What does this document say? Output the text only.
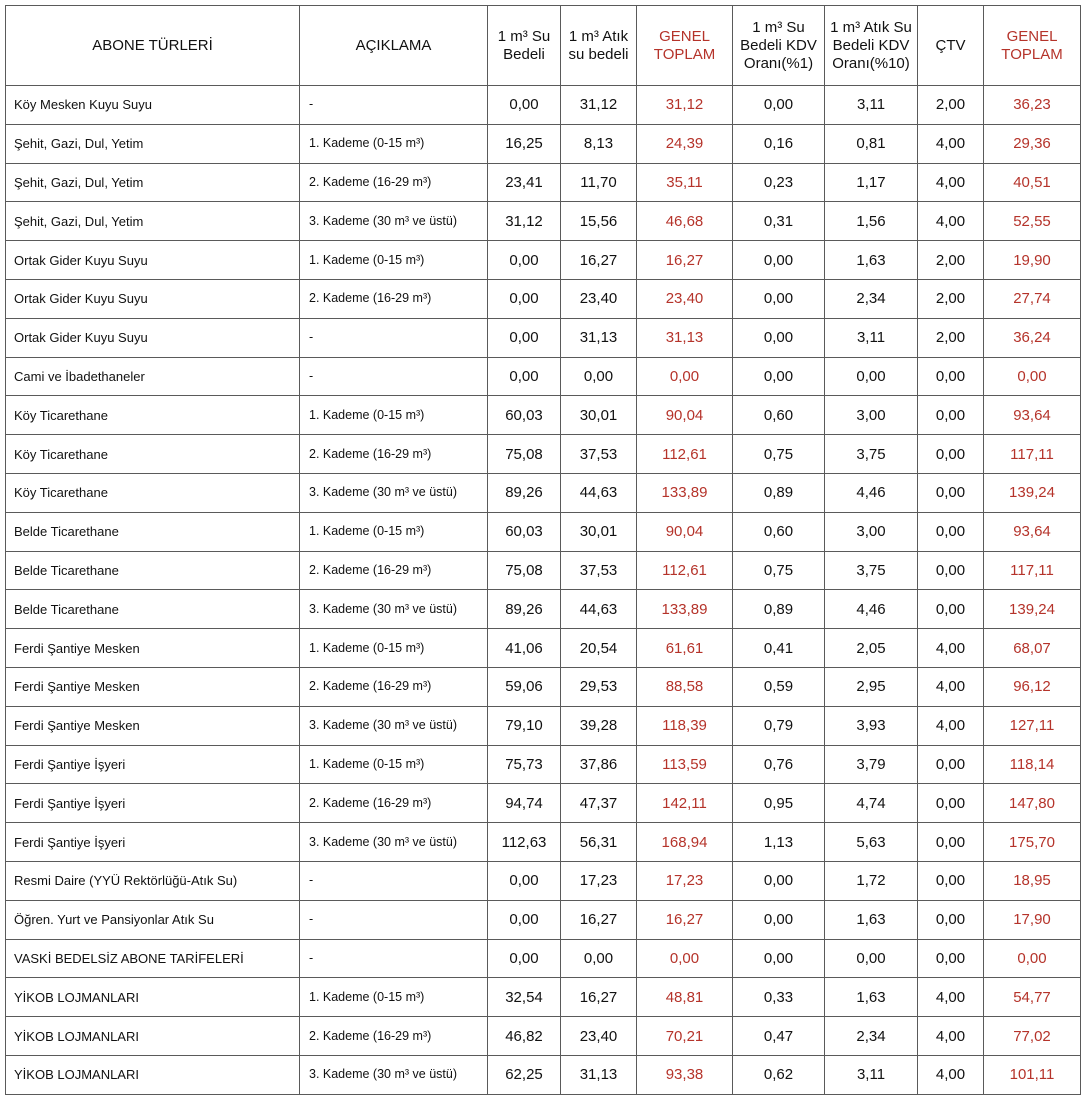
ABONE TÜRLERİ	AÇIKLAMA	1 m³ Su Bedeli	1 m³ Atık su bedeli	GENEL TOPLAM	1 m³ Su Bedeli KDV Oranı(%1)	1 m³ Atık Su Bedeli KDV Oranı(%10)	ÇTV	GENEL TOPLAM
Köy Mesken Kuyu Suyu	-	0,00	31,12	31,12	0,00	3,11	2,00	36,23
Şehit, Gazi, Dul, Yetim	1. Kademe (0-15 m³)	16,25	8,13	24,39	0,16	0,81	4,00	29,36
Şehit, Gazi, Dul, Yetim	2. Kademe (16-29 m³)	23,41	11,70	35,11	0,23	1,17	4,00	40,51
Şehit, Gazi, Dul, Yetim	3. Kademe (30 m³ ve üstü)	31,12	15,56	46,68	0,31	1,56	4,00	52,55
Ortak Gider Kuyu Suyu	1. Kademe (0-15 m³)	0,00	16,27	16,27	0,00	1,63	2,00	19,90
Ortak Gider Kuyu Suyu	2. Kademe (16-29 m³)	0,00	23,40	23,40	0,00	2,34	2,00	27,74
Ortak Gider Kuyu Suyu	-	0,00	31,13	31,13	0,00	3,11	2,00	36,24
Cami ve İbadethaneler	-	0,00	0,00	0,00	0,00	0,00	0,00	0,00
Köy Ticarethane	1. Kademe (0-15 m³)	60,03	30,01	90,04	0,60	3,00	0,00	93,64
Köy Ticarethane	2. Kademe (16-29 m³)	75,08	37,53	112,61	0,75	3,75	0,00	117,11
Köy Ticarethane	3. Kademe (30 m³ ve üstü)	89,26	44,63	133,89	0,89	4,46	0,00	139,24
Belde Ticarethane	1. Kademe (0-15 m³)	60,03	30,01	90,04	0,60	3,00	0,00	93,64
Belde Ticarethane	2. Kademe (16-29 m³)	75,08	37,53	112,61	0,75	3,75	0,00	117,11
Belde Ticarethane	3. Kademe (30 m³ ve üstü)	89,26	44,63	133,89	0,89	4,46	0,00	139,24
Ferdi Şantiye Mesken	1. Kademe (0-15 m³)	41,06	20,54	61,61	0,41	2,05	4,00	68,07
Ferdi Şantiye Mesken	2. Kademe (16-29 m³)	59,06	29,53	88,58	0,59	2,95	4,00	96,12
Ferdi Şantiye Mesken	3. Kademe (30 m³ ve üstü)	79,10	39,28	118,39	0,79	3,93	4,00	127,11
Ferdi Şantiye İşyeri	1. Kademe (0-15 m³)	75,73	37,86	113,59	0,76	3,79	0,00	118,14
Ferdi Şantiye İşyeri	2. Kademe (16-29 m³)	94,74	47,37	142,11	0,95	4,74	0,00	147,80
Ferdi Şantiye İşyeri	3. Kademe (30 m³ ve üstü)	112,63	56,31	168,94	1,13	5,63	0,00	175,70
Resmi Daire (YYÜ Rektörlüğü-Atık Su)	-	0,00	17,23	17,23	0,00	1,72	0,00	18,95
Öğren. Yurt ve Pansiyonlar Atık Su	-	0,00	16,27	16,27	0,00	1,63	0,00	17,90
VASKİ BEDELSİZ ABONE TARİFELERİ	-	0,00	0,00	0,00	0,00	0,00	0,00	0,00
YİKOB LOJMANLARI	1. Kademe (0-15 m³)	32,54	16,27	48,81	0,33	1,63	4,00	54,77
YİKOB LOJMANLARI	2. Kademe (16-29 m³)	46,82	23,40	70,21	0,47	2,34	4,00	77,02
YİKOB LOJMANLARI	3. Kademe (30 m³ ve üstü)	62,25	31,13	93,38	0,62	3,11	4,00	101,11
